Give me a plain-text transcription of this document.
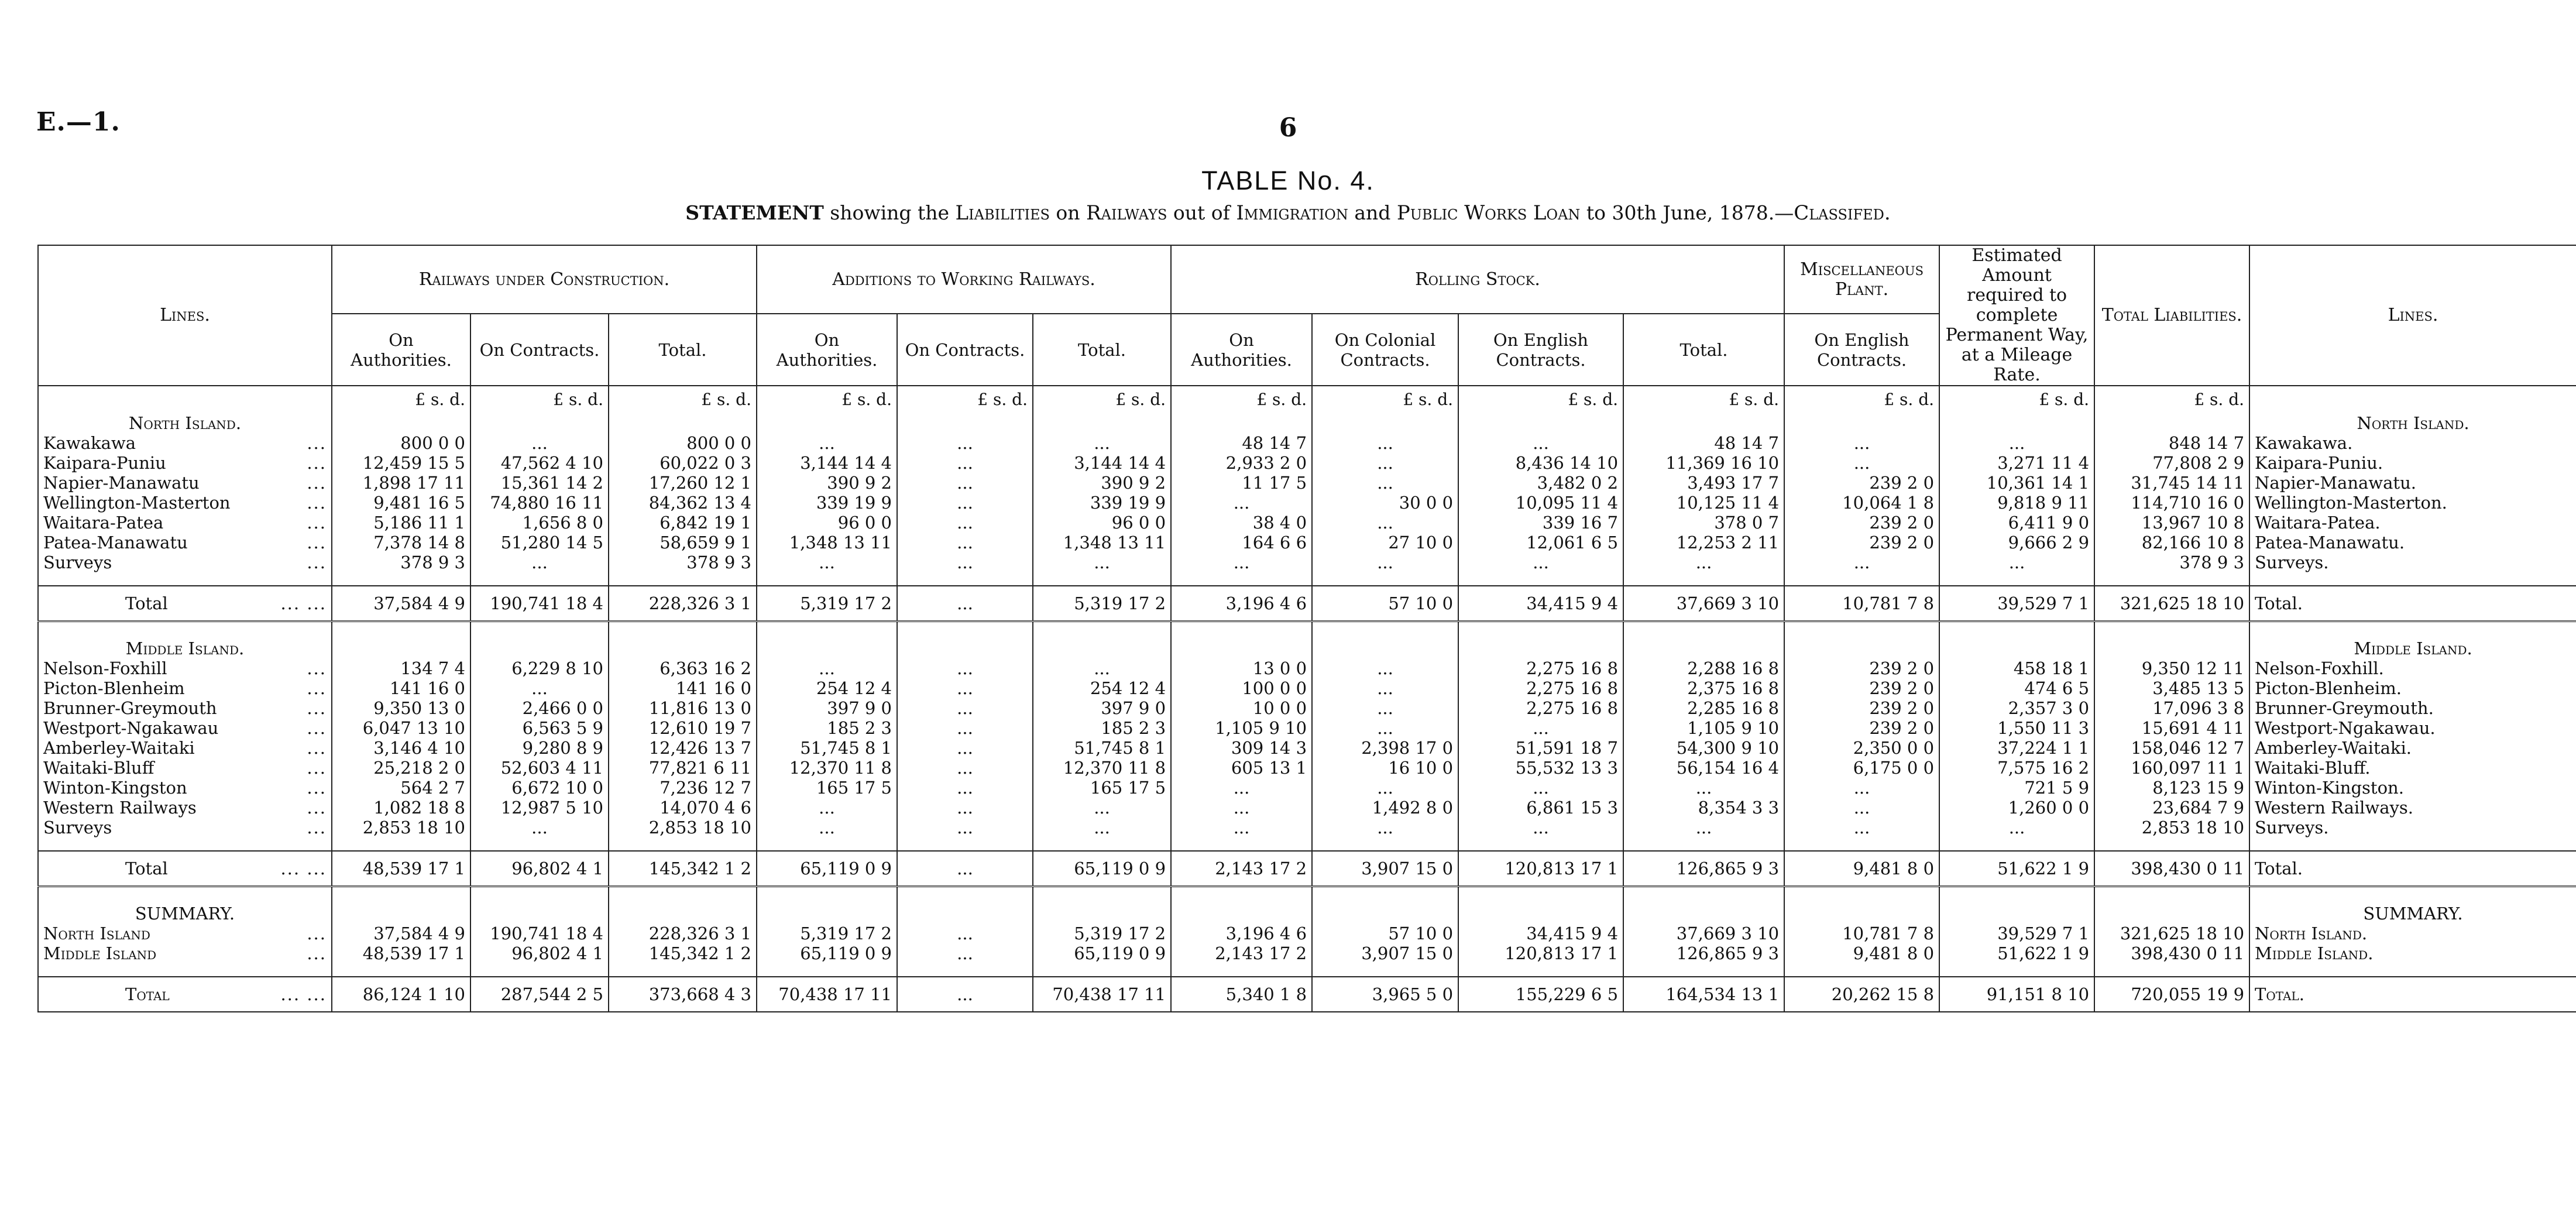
E.—1.	6
TABLE No. 4.
STATEMENT showing the Liabilities on Railways out of Immigration and Public Works Loan to 30th June, 1878.—Classifed.
Lines.	Railways under Construction.			Additions to Working Railways.			Rolling Stock.				Miscellaneous Plant.	Estimated Amount required to complete Permanent Way, at a Mileage Rate.	Total Liabilities.	Lines.
	On Authorities.	On Contracts.	Total.	On Authorities.	On Contracts.	Total.	On Authorities.	On Colonial Contracts.	On English Contracts.	Total.	On English Contracts.			
	£ s. d.	£ s. d.	£ s. d.	£ s. d.	£ s. d.	£ s. d.	£ s. d.	£ s. d.	£ s. d.	£ s. d.	£ s. d.	£ s. d.	£ s. d.	
North Island.														North Island.
Kawakawa ...	800 0 0	...	800 0 0	...	...	...	48 14 7	...	...	48 14 7	...	...	848 14 7	Kawakawa.
Kaipara-Puniu ...	12,459 15 5	47,562 4 10	60,022 0 3	3,144 14 4	...	3,144 14 4	2,933 2 0	...	8,436 14 10	11,369 16 10	...	3,271 11 4	77,808 2 9	Kaipara-Puniu.
Napier-Manawatu ...	1,898 17 11	15,361 14 2	17,260 12 1	390 9 2	...	390 9 2	11 17 5	...	3,482 0 2	3,493 17 7	239 2 0	10,361 14 1	31,745 14 11	Napier-Manawatu.
Wellington-Masterton ...	9,481 16 5	74,880 16 11	84,362 13 4	339 19 9	...	339 19 9	...	30 0 0	10,095 11 4	10,125 11 4	10,064 1 8	9,818 9 11	114,710 16 0	Wellington-Masterton.
Waitara-Patea ...	5,186 11 1	1,656 8 0	6,842 19 1	96 0 0	...	96 0 0	38 4 0	...	339 16 7	378 0 7	239 2 0	6,411 9 0	13,967 10 8	Waitara-Patea.
Patea-Manawatu ...	7,378 14 8	51,280 14 5	58,659 9 1	1,348 13 11	...	1,348 13 11	164 6 6	27 10 0	12,061 6 5	12,253 2 11	239 2 0	9,666 2 9	82,166 10 8	Patea-Manawatu.
Surveys ...	378 9 3	...	378 9 3	...	...	...	...	...	...	...	...	...	378 9 3	Surveys.

Total ... ...	37,584 4 9	190,741 18 4	228,326 3 1	5,319 17 2	...	5,319 17 2	3,196 4 6	57 10 0	34,415 9 4	37,669 3 10	10,781 7 8	39,529 7 1	321,625 18 10	Total.

Middle Island.														Middle Island.
Nelson-Foxhill ...	134 7 4	6,229 8 10	6,363 16 2	...	...	...	13 0 0	...	2,275 16 8	2,288 16 8	239 2 0	458 18 1	9,350 12 11	Nelson-Foxhill.
Picton-Blenheim ...	141 16 0	...	141 16 0	254 12 4	...	254 12 4	100 0 0	...	2,275 16 8	2,375 16 8	239 2 0	474 6 5	3,485 13 5	Picton-Blenheim.
Brunner-Greymouth ...	9,350 13 0	2,466 0 0	11,816 13 0	397 9 0	...	397 9 0	10 0 0	...	2,275 16 8	2,285 16 8	239 2 0	2,357 3 0	17,096 3 8	Brunner-Greymouth.
Westport-Ngakawau ...	6,047 13 10	6,563 5 9	12,610 19 7	185 2 3	...	185 2 3	1,105 9 10	...	...	1,105 9 10	239 2 0	1,550 11 3	15,691 4 11	Westport-Ngakawau.
Amberley-Waitaki ...	3,146 4 10	9,280 8 9	12,426 13 7	51,745 8 1	...	51,745 8 1	309 14 3	2,398 17 0	51,591 18 7	54,300 9 10	2,350 0 0	37,224 1 1	158,046 12 7	Amberley-Waitaki.
Waitaki-Bluff ...	25,218 2 0	52,603 4 11	77,821 6 11	12,370 11 8	...	12,370 11 8	605 13 1	16 10 0	55,532 13 3	56,154 16 4	6,175 0 0	7,575 16 2	160,097 11 1	Waitaki-Bluff.
Winton-Kingston ...	564 2 7	6,672 10 0	7,236 12 7	165 17 5	...	165 17 5	...	...	...	...	...	721 5 9	8,123 15 9	Winton-Kingston.
Western Railways ...	1,082 18 8	12,987 5 10	14,070 4 6	...	...	...	...	1,492 8 0	6,861 15 3	8,354 3 3	...	1,260 0 0	23,684 7 9	Western Railways.
Surveys ...	2,853 18 10	...	2,853 18 10	...	...	...	...	...	...	...	...	...	2,853 18 10	Surveys.

Total ... ...	48,539 17 1	96,802 4 1	145,342 1 2	65,119 0 9	...	65,119 0 9	2,143 17 2	3,907 15 0	120,813 17 1	126,865 9 3	9,481 8 0	51,622 1 9	398,430 0 11	Total.

SUMMARY.														SUMMARY.
North Island ...	37,584 4 9	190,741 18 4	228,326 3 1	5,319 17 2	...	5,319 17 2	3,196 4 6	57 10 0	34,415 9 4	37,669 3 10	10,781 7 8	39,529 7 1	321,625 18 10	North Island.
Middle Island ...	48,539 17 1	96,802 4 1	145,342 1 2	65,119 0 9	...	65,119 0 9	2,143 17 2	3,907 15 0	120,813 17 1	126,865 9 3	9,481 8 0	51,622 1 9	398,430 0 11	Middle Island.

Total ... ...	86,124 1 10	287,544 2 5	373,668 4 3	70,438 17 11	...	70,438 17 11	5,340 1 8	3,965 5 0	155,229 6 5	164,534 13 1	20,262 15 8	91,151 8 10	720,055 19 9	Total.
